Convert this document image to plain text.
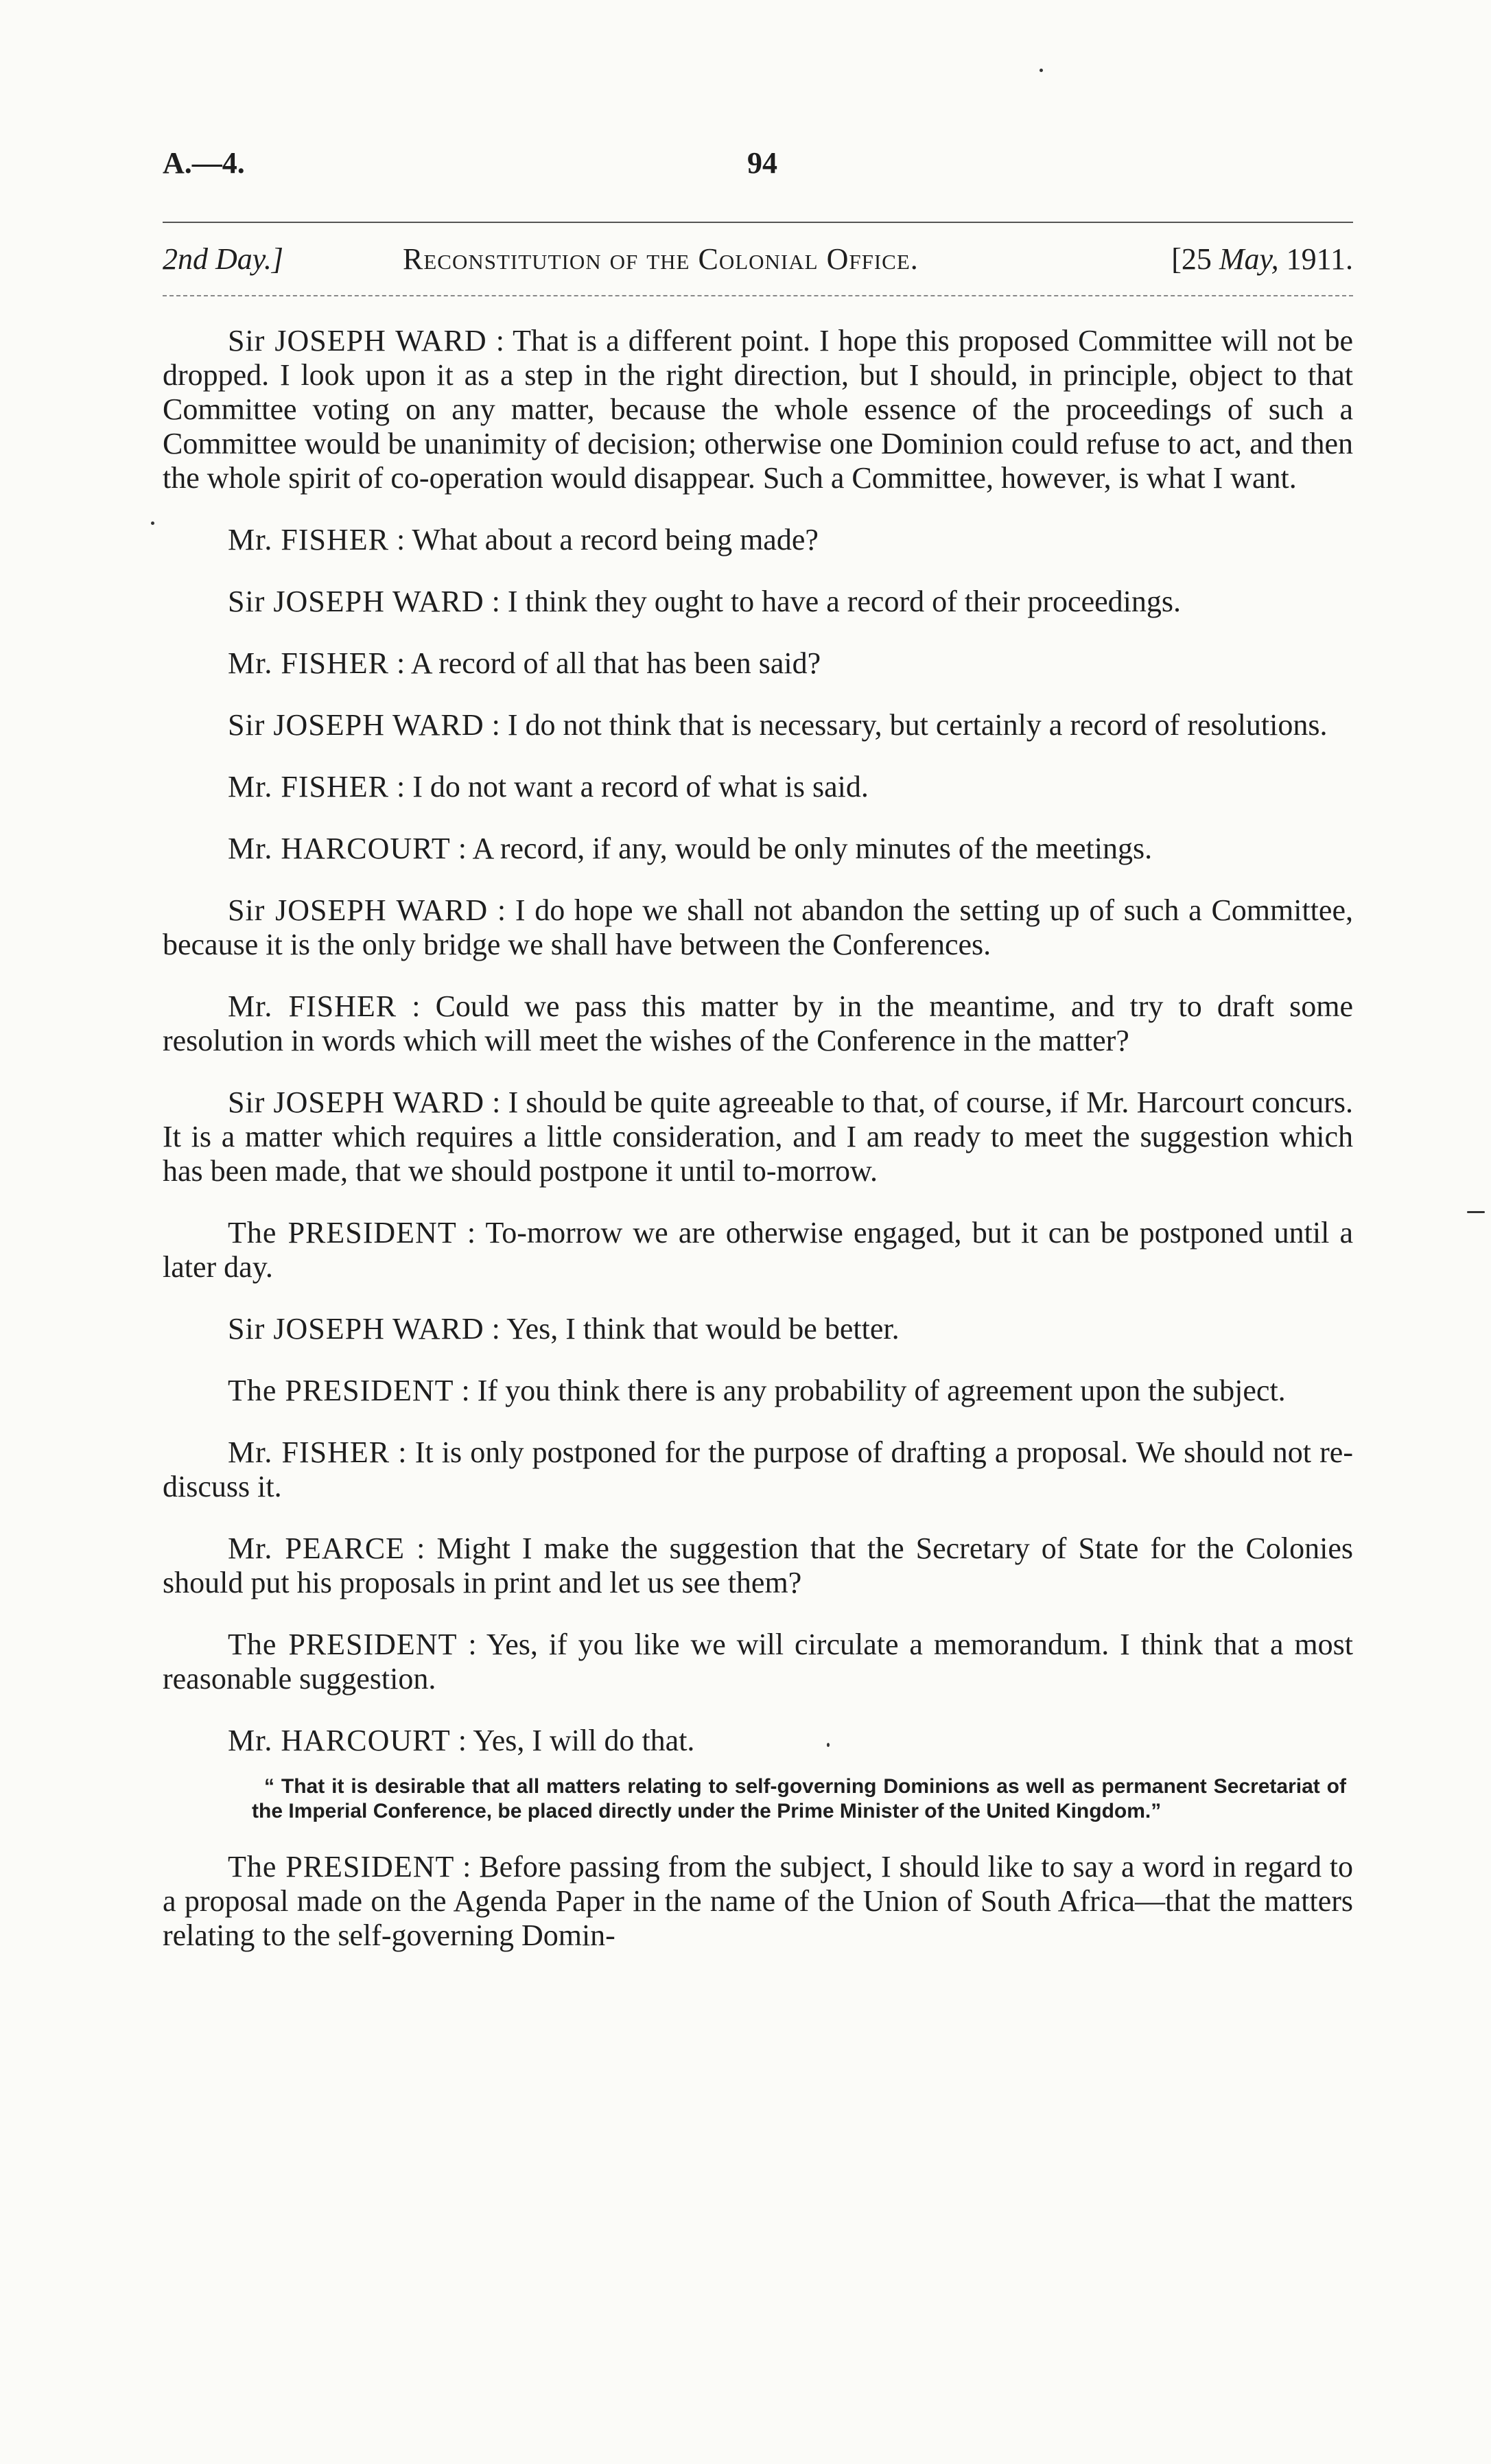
A.—4.	94
2nd Day.]	Reconstitution of the Colonial Office.	[25 May, 1911.

Sir JOSEPH WARD : That is a different point. I hope this proposed Committee will not be dropped. I look upon it as a step in the right direction, but I should, in principle, object to that Committee voting on any matter, because the whole essence of the proceedings of such a Committee would be unanimity of decision; otherwise one Dominion could refuse to act, and then the whole spirit of co-operation would disappear. Such a Committee, however, is what I want.

Mr. FISHER : What about a record being made?

Sir JOSEPH WARD : I think they ought to have a record of their proceedings.

Mr. FISHER : A record of all that has been said?

Sir JOSEPH WARD : I do not think that is necessary, but certainly a record of resolutions.

Mr. FISHER : I do not want a record of what is said.

Mr. HARCOURT : A record, if any, would be only minutes of the meetings.

Sir JOSEPH WARD : I do hope we shall not abandon the setting up of such a Committee, because it is the only bridge we shall have between the Conferences.

Mr. FISHER : Could we pass this matter by in the meantime, and try to draft some resolution in words which will meet the wishes of the Conference in the matter?

Sir JOSEPH WARD : I should be quite agreeable to that, of course, if Mr. Harcourt concurs. It is a matter which requires a little consideration, and I am ready to meet the suggestion which has been made, that we should postpone it until to-morrow.

The PRESIDENT : To-morrow we are otherwise engaged, but it can be postponed until a later day.

Sir JOSEPH WARD : Yes, I think that would be better.

The PRESIDENT : If you think there is any probability of agreement upon the subject.

Mr. FISHER : It is only postponed for the purpose of drafting a proposal. We should not re-discuss it.

Mr. PEARCE : Might I make the suggestion that the Secretary of State for the Colonies should put his proposals in print and let us see them?

The PRESIDENT : Yes, if you like we will circulate a memorandum. I think that a most reasonable suggestion.

Mr. HARCOURT : Yes, I will do that.

“ That it is desirable that all matters relating to self-governing Dominions as well as permanent Secretariat of the Imperial Conference, be placed directly under the Prime Minister of the United Kingdom.”

The PRESIDENT : Before passing from the subject, I should like to say a word in regard to a proposal made on the Agenda Paper in the name of the Union of South Africa—that the matters relating to the self-governing Domin-
